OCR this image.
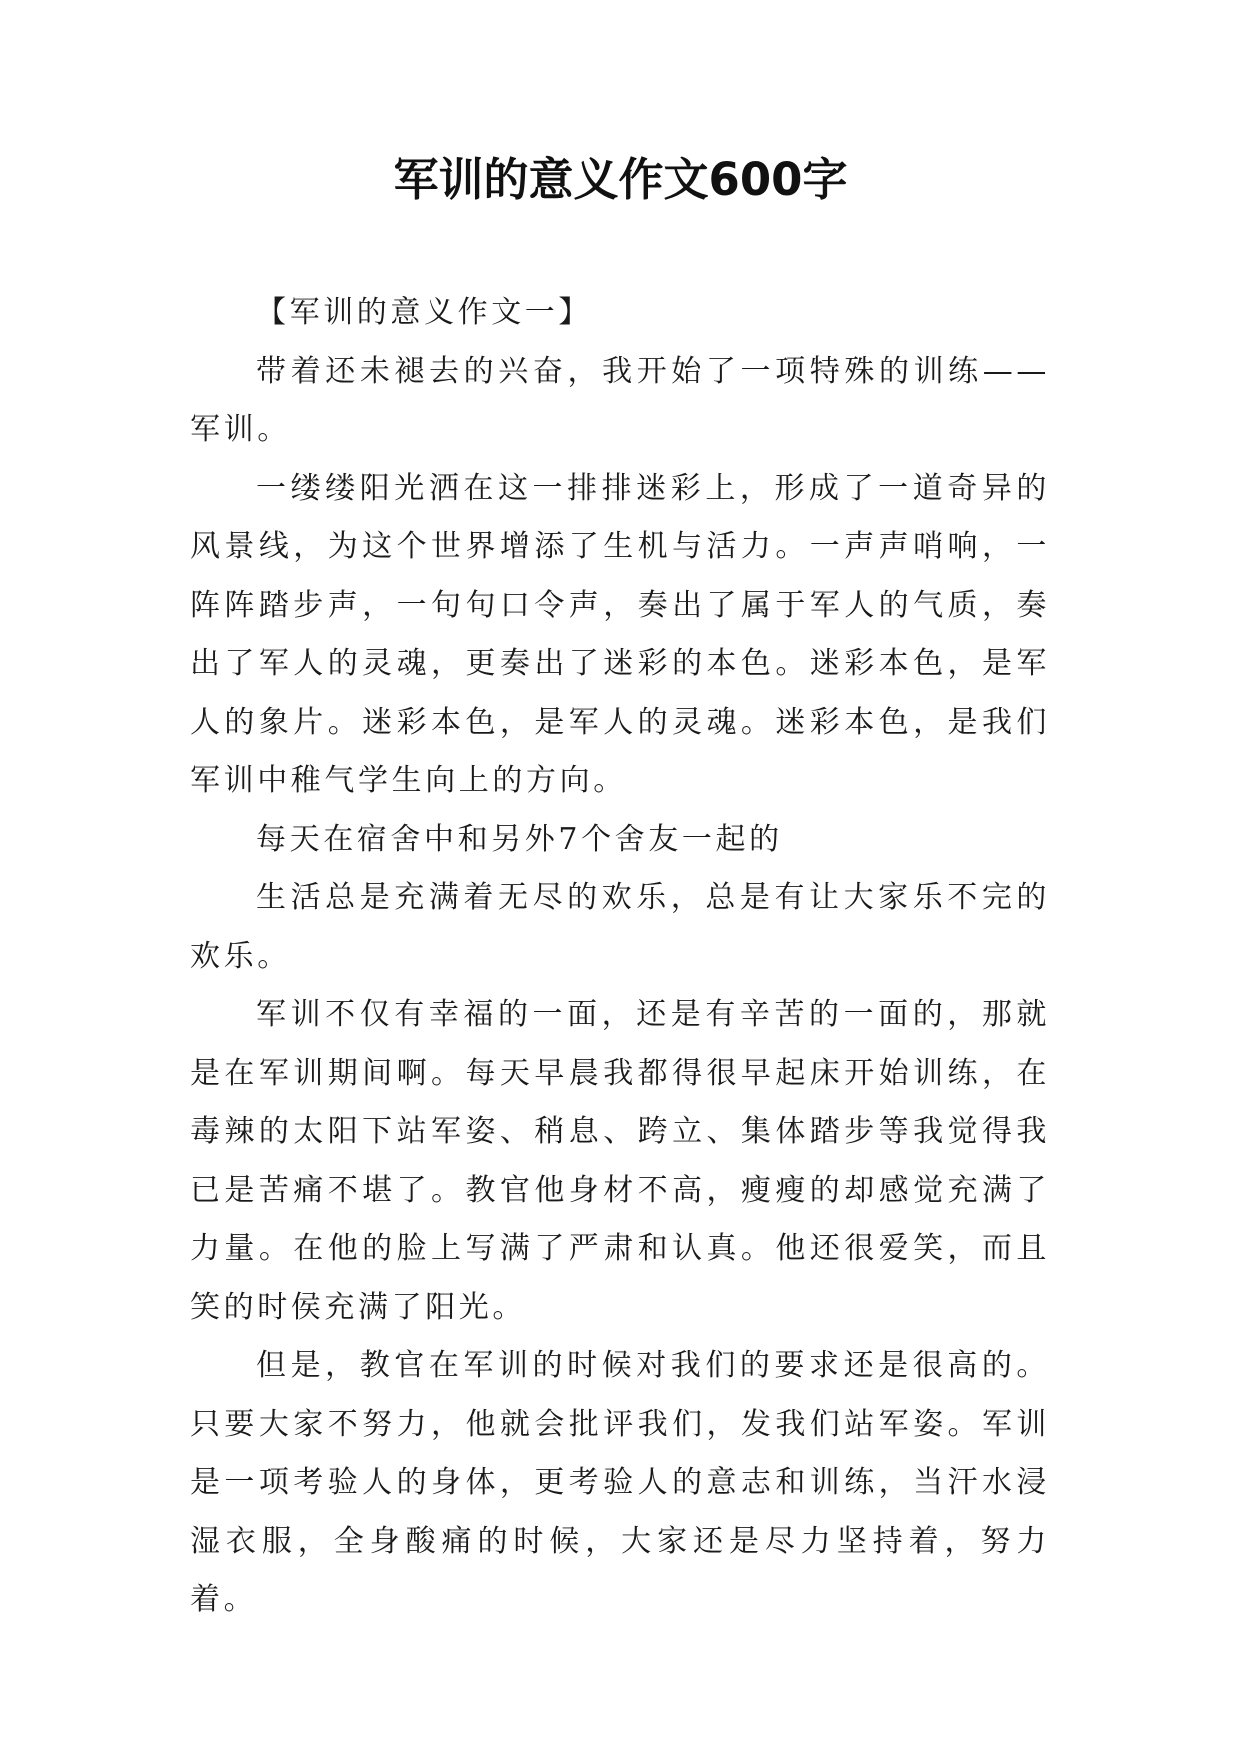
军训的意义作文600字

【军训的意义作文一】

带着还未褪去的兴奋，我开始了一项特殊的训练——军训。

一缕缕阳光洒在这一排排迷彩上，形成了一道奇异的风景线，为这个世界增添了生机与活力。一声声哨响，一阵阵踏步声，一句句口令声，奏出了属于军人的气质，奏出了军人的灵魂，更奏出了迷彩的本色。迷彩本色，是军人的象片。迷彩本色，是军人的灵魂。迷彩本色，是我们军训中稚气学生向上的方向。

每天在宿舍中和另外7个舍友一起的

生活总是充满着无尽的欢乐，总是有让大家乐不完的欢乐。

军训不仅有幸福的一面，还是有辛苦的一面的，那就是在军训期间啊。每天早晨我都得很早起床开始训练，在毒辣的太阳下站军姿、稍息、跨立、集体踏步等我觉得我已是苦痛不堪了。教官他身材不高，瘦瘦的却感觉充满了力量。在他的脸上写满了严肃和认真。他还很爱笑，而且笑的时侯充满了阳光。

但是，教官在军训的时候对我们的要求还是很高的。只要大家不努力，他就会批评我们，发我们站军姿。军训是一项考验人的身体，更考验人的意志和训练，当汗水浸湿衣服，全身酸痛的时候，大家还是尽力坚持着，努力着。
